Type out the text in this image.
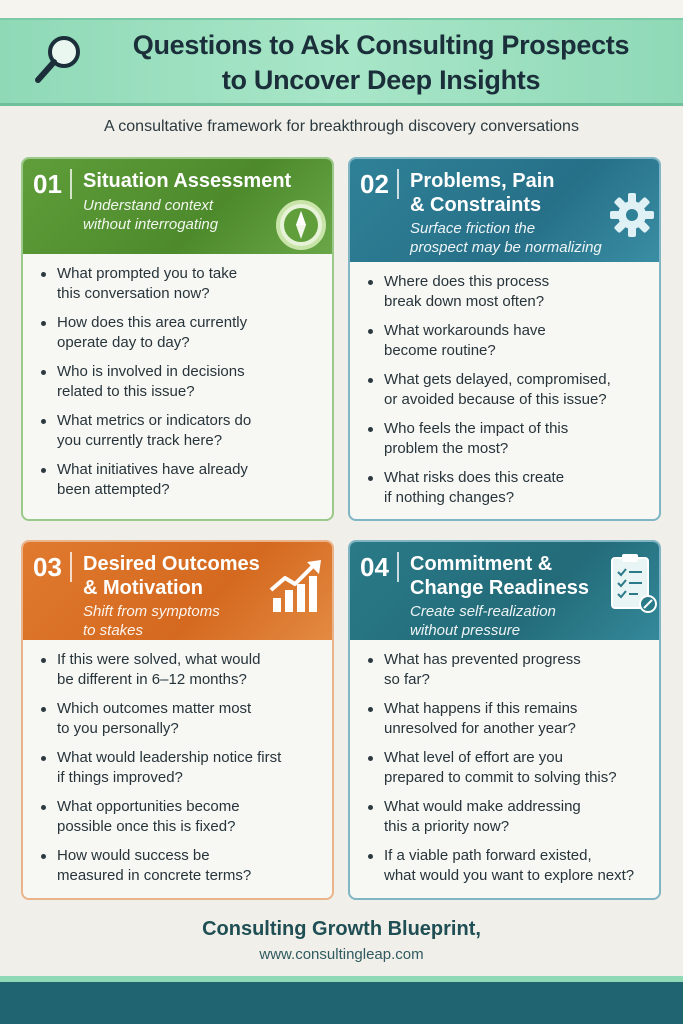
Questions to Ask Consulting Prospects
to Uncover Deep Insights
A consultative framework for breakthrough discovery conversations
01	Situation Assessment
Understand context
without interrogating
What prompted you to take
this conversation now?
How does this area currently
operate day to day?
Who is involved in decisions
related to this issue?
What metrics or indicators do
you currently track here?
What initiatives have already
been attempted?
02	Problems, Pain
& Constraints
Surface friction the
prospect may be normalizing
Where does this process
break down most often?
What workarounds have
become routine?
What gets delayed, compromised,
or avoided because of this issue?
Who feels the impact of this
problem the most?
What risks does this create
if nothing changes?
03	Desired Outcomes
& Motivation
Shift from symptoms
to stakes
If this were solved, what would
be different in 6–12 months?
Which outcomes matter most
to you personally?
What would leadership notice first
if things improved?
What opportunities become
possible once this is fixed?
How would success be
measured in concrete terms?
04	Commitment &
Change Readiness
Create self-realization
without pressure
What has prevented progress
so far?
What happens if this remains
unresolved for another year?
What level of effort are you
prepared to commit to solving this?
What would make addressing
this a priority now?
If a viable path forward existed,
what would you want to explore next?
Consulting Growth Blueprint,
www.consultingleap.com
